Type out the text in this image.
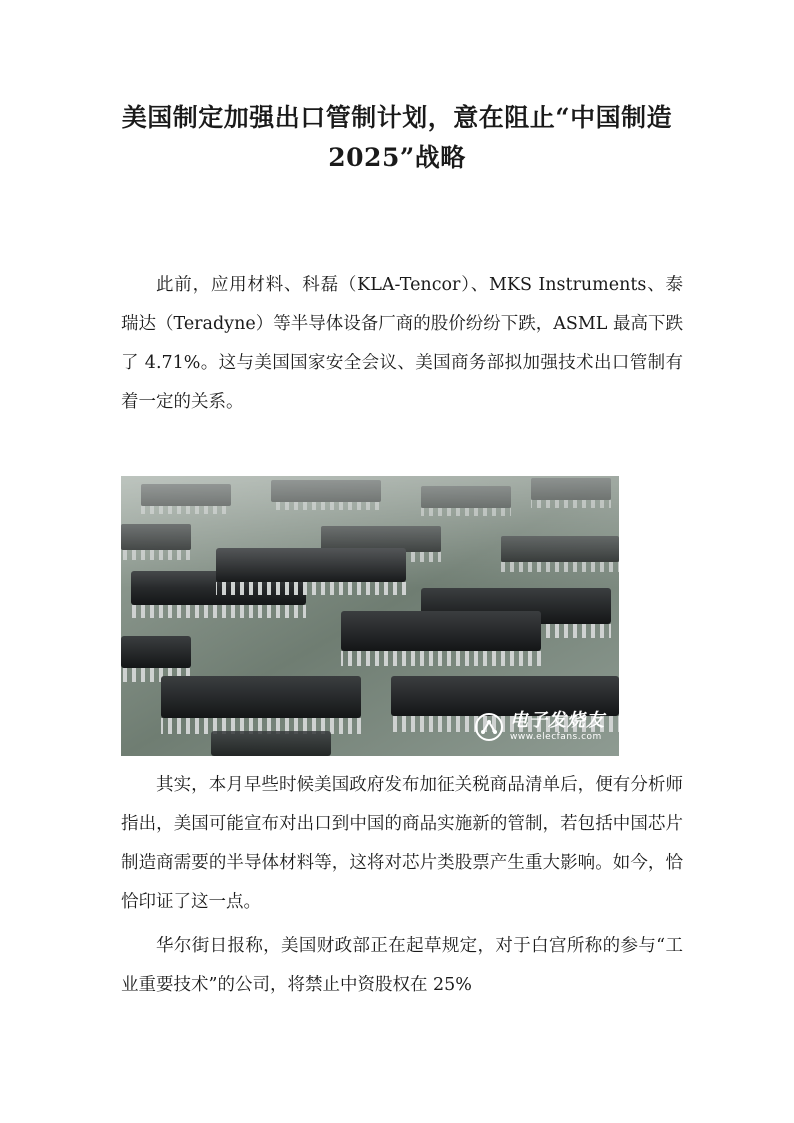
美国制定加强出口管制计划，意在阻止“中国制造 2025”战略
此前，应用材料、科磊（KLA-Tencor）、MKS Instruments、泰瑞达（Teradyne）等半导体设备厂商的股价纷纷下跌，ASML 最高下跌了 4.71%。这与美国国家安全会议、美国商务部拟加强技术出口管制有着一定的关系。
电子发烧友
www.elecfans.com
其实，本月早些时候美国政府发布加征关税商品清单后，便有分析师指出，美国可能宣布对出口到中国的商品实施新的管制，若包括中国芯片制造商需要的半导体材料等，这将对芯片类股票产生重大影响。如今，恰恰印证了这一点。
华尔街日报称，美国财政部正在起草规定，对于白宫所称的参与“工业重要技术”的公司，将禁止中资股权在 25%
